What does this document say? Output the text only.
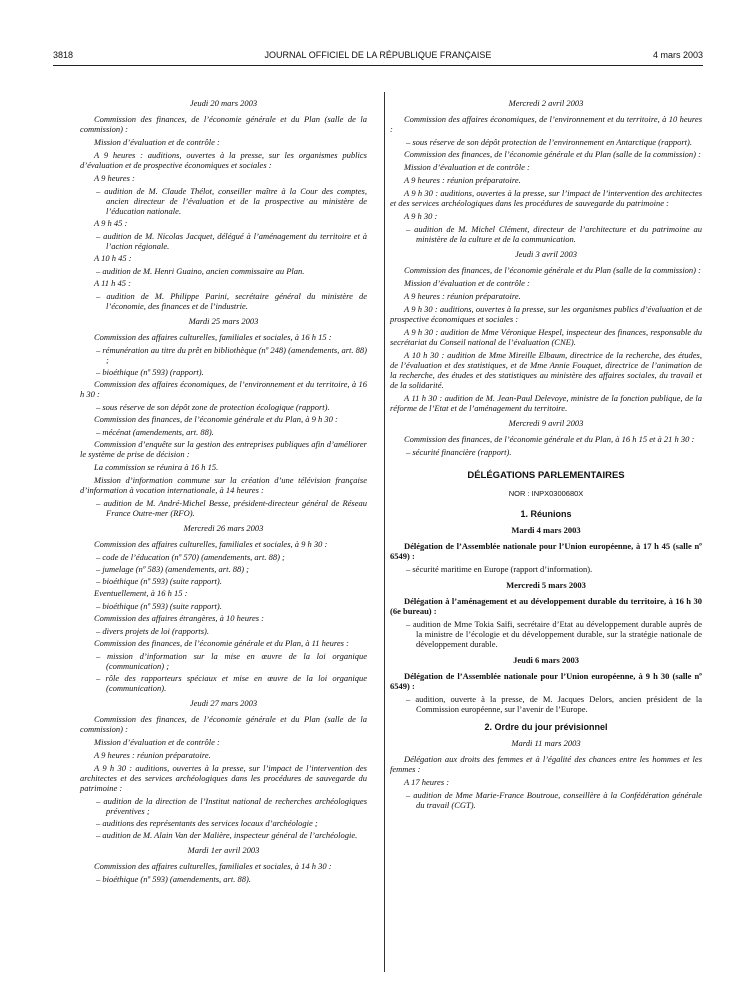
3818	JOURNAL OFFICIEL DE LA RÉPUBLIQUE FRANÇAISE	4 mars 2003
Jeudi 20 mars 2003
Commission des finances, de l’économie générale et du Plan (salle de la commission) :
Mission d’évaluation et de contrôle :
A 9 heures : auditions, ouvertes à la presse, sur les organismes publics d’évaluation et de prospective économiques et sociales :
A 9 heures :
– audition de M. Claude Thélot, conseiller maître à la Cour des comptes, ancien directeur de l’évaluation et de la prospective au ministère de l’éducation nationale.
A 9 h 45 :
– audition de M. Nicolas Jacquet, délégué à l’aménagement du territoire et à l’action régionale.
A 10 h 45 :
– audition de M. Henri Guaino, ancien commissaire au Plan.
A 11 h 45 :
– audition de M. Philippe Parini, secrétaire général du ministère de l’économie, des finances et de l’industrie.
Mardi 25 mars 2003
Commission des affaires culturelles, familiales et sociales, à 16 h 15 :
– rémunération au titre du prêt en bibliothèque (nº 248) (amendements, art. 88) ;
– bioéthique (nº 593) (rapport).
Commission des affaires économiques, de l’environnement et du territoire, à 16 h 30 :
– sous réserve de son dépôt zone de protection écologique (rapport).
Commission des finances, de l’économie générale et du Plan, à 9 h 30 :
– mécénat (amendements, art. 88).
Commission d’enquête sur la gestion des entreprises publiques afin d’améliorer le système de prise de décision :
La commission se réunira à 16 h 15.
Mission d’information commune sur la création d’une télévision française d’information à vocation internationale, à 14 heures :
– audition de M. André-Michel Besse, président-directeur général de Réseau France Outre-mer (RFO).
Mercredi 26 mars 2003
Commission des affaires culturelles, familiales et sociales, à 9 h 30 :
– code de l’éducation (nº 570) (amendements, art. 88) ;
– jumelage (nº 583) (amendements, art. 88) ;
– bioéthique (nº 593) (suite rapport).
Eventuellement, à 16 h 15 :
– bioéthique (nº 593) (suite rapport).
Commission des affaires étrangères, à 10 heures :
– divers projets de loi (rapports).
Commission des finances, de l’économie générale et du Plan, à 11 heures :
– mission d’information sur la mise en œuvre de la loi organique (communication) ;
– rôle des rapporteurs spéciaux et mise en œuvre de la loi organique (communication).
Jeudi 27 mars 2003
Commission des finances, de l’économie générale et du Plan (salle de la commission) :
Mission d’évaluation et de contrôle :
A 9 heures : réunion préparatoire.
A 9 h 30 : auditions, ouvertes à la presse, sur l’impact de l’intervention des architectes et des services archéologiques dans les procédures de sauvegarde du patrimoine :
– audition de la direction de l’Institut national de recherches archéologiques préventives ;
– auditions des représentants des services locaux d’archéologie ;
– audition de M. Alain Van der Malière, inspecteur général de l’archéologie.
Mardi 1er avril 2003
Commission des affaires culturelles, familiales et sociales, à 14 h 30 :
– bioéthique (nº 593) (amendements, art. 88).
Mercredi 2 avril 2003
Commission des affaires économiques, de l’environnement et du territoire, à 10 heures :
– sous réserve de son dépôt protection de l’environnement en Antarctique (rapport).
Commission des finances, de l’économie générale et du Plan (salle de la commission) :
Mission d’évaluation et de contrôle :
A 9 heures : réunion préparatoire.
A 9 h 30 : auditions, ouvertes à la presse, sur l’impact de l’intervention des architectes et des services archéologiques dans les procédures de sauvegarde du patrimoine :
A 9 h 30 :
– audition de M. Michel Clément, directeur de l’architecture et du patrimoine au ministère de la culture et de la communication.
Jeudi 3 avril 2003
Commission des finances, de l’économie générale et du Plan (salle de la commission) :
Mission d’évaluation et de contrôle :
A 9 heures : réunion préparatoire.
A 9 h 30 : auditions, ouvertes à la presse, sur les organismes publics d’évaluation et de prospective économiques et sociales :
A 9 h 30 : audition de Mme Véronique Hespel, inspecteur des finances, responsable du secrétariat du Conseil national de l’évaluation (CNE).
A 10 h 30 : audition de Mme Mireille Elbaum, directrice de la recherche, des études, de l’évaluation et des statistiques, et de Mme Annie Fouquet, directrice de l’animation de la recherche, des études et des statistiques au ministère des affaires sociales, du travail et de la solidarité.
A 11 h 30 : audition de M. Jean-Paul Delevoye, ministre de la fonction publique, de la réforme de l’Etat et de l’aménagement du territoire.
Mercredi 9 avril 2003
Commission des finances, de l’économie générale et du Plan, à 16 h 15 et à 21 h 30 :
– sécurité financière (rapport).
DÉLÉGATIONS PARLEMENTAIRES
NOR : INPX0300680X
1. Réunions
Mardi 4 mars 2003
Délégation de l’Assemblée nationale pour l’Union européenne, à 17 h 45 (salle nº 6549) :
– sécurité maritime en Europe (rapport d’information).
Mercredi 5 mars 2003
Délégation à l’aménagement et au développement durable du territoire, à 16 h 30 (6e bureau) :
– audition de Mme Tokia Saïfi, secrétaire d’Etat au développement durable auprès de la ministre de l’écologie et du développement durable, sur la stratégie nationale de développement durable.
Jeudi 6 mars 2003
Délégation de l’Assemblée nationale pour l’Union européenne, à 9 h 30 (salle nº 6549) :
– audition, ouverte à la presse, de M. Jacques Delors, ancien président de la Commission européenne, sur l’avenir de l’Europe.
2. Ordre du jour prévisionnel
Mardi 11 mars 2003
Délégation aux droits des femmes et à l’égalité des chances entre les hommes et les femmes :
A 17 heures :
– audition de Mme Marie-France Boutroue, conseillère à la Confédération générale du travail (CGT).
